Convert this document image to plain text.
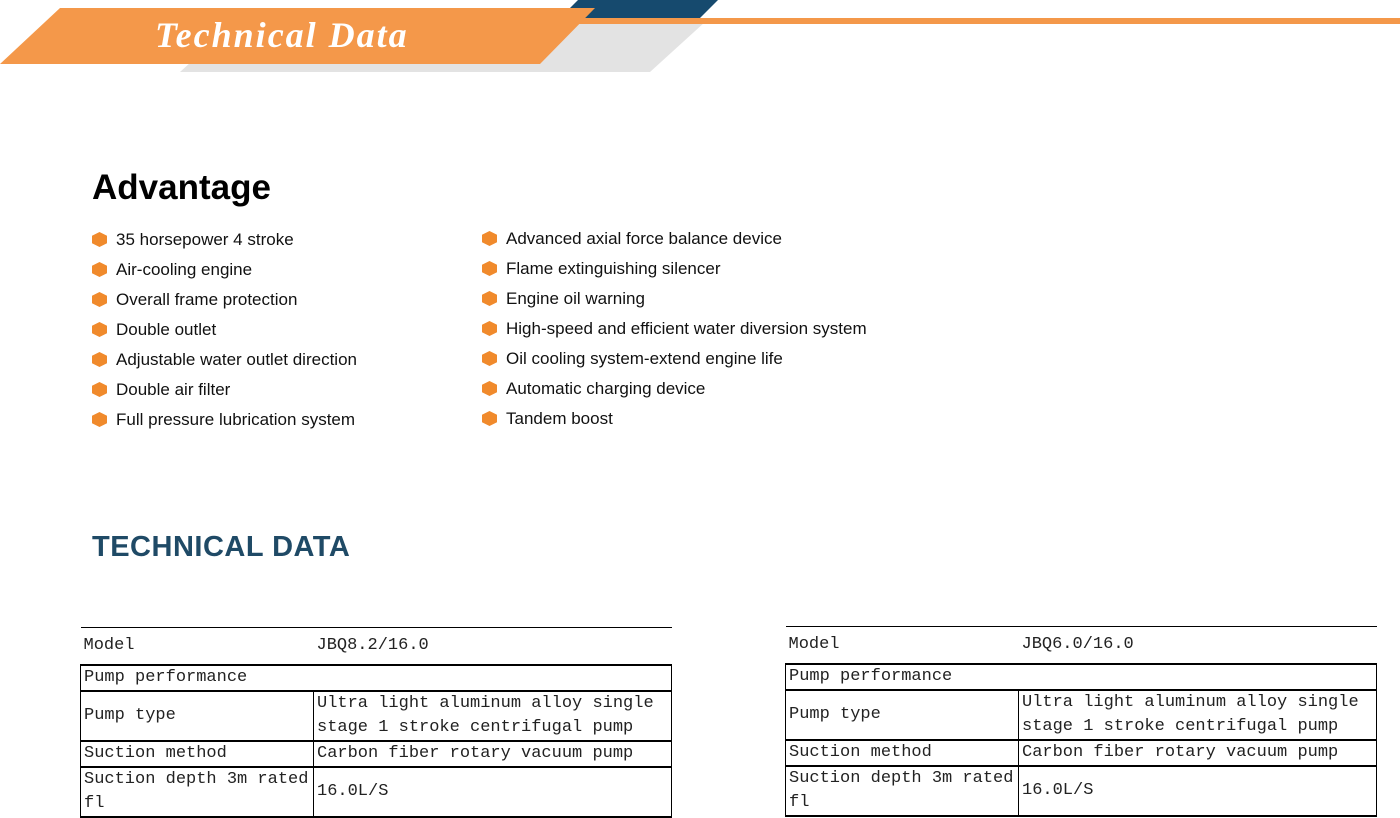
Technical Data
Advantage
35 horsepower 4 stroke
Air-cooling engine
Overall frame protection
Double outlet
Adjustable water outlet direction
Double air filter
Full pressure lubrication system
Advanced axial force balance device
Flame extinguishing silencer
Engine oil warning
High-speed and efficient water diversion system
Oil cooling system-extend engine life
Automatic charging device
Tandem boost
TECHNICAL DATA
Model	JBQ8.2/16.0
Pump performance	
Pump type	Ultra light aluminum alloy single stage 1 stroke centrifugal pump
Suction method	Carbon fiber rotary vacuum pump
Suction depth 3m rated fl	16.0L/S
Model	JBQ6.0/16.0
Pump performance	
Pump type	Ultra light aluminum alloy single stage 1 stroke centrifugal pump
Suction method	Carbon fiber rotary vacuum pump
Suction depth 3m rated fl	16.0L/S
